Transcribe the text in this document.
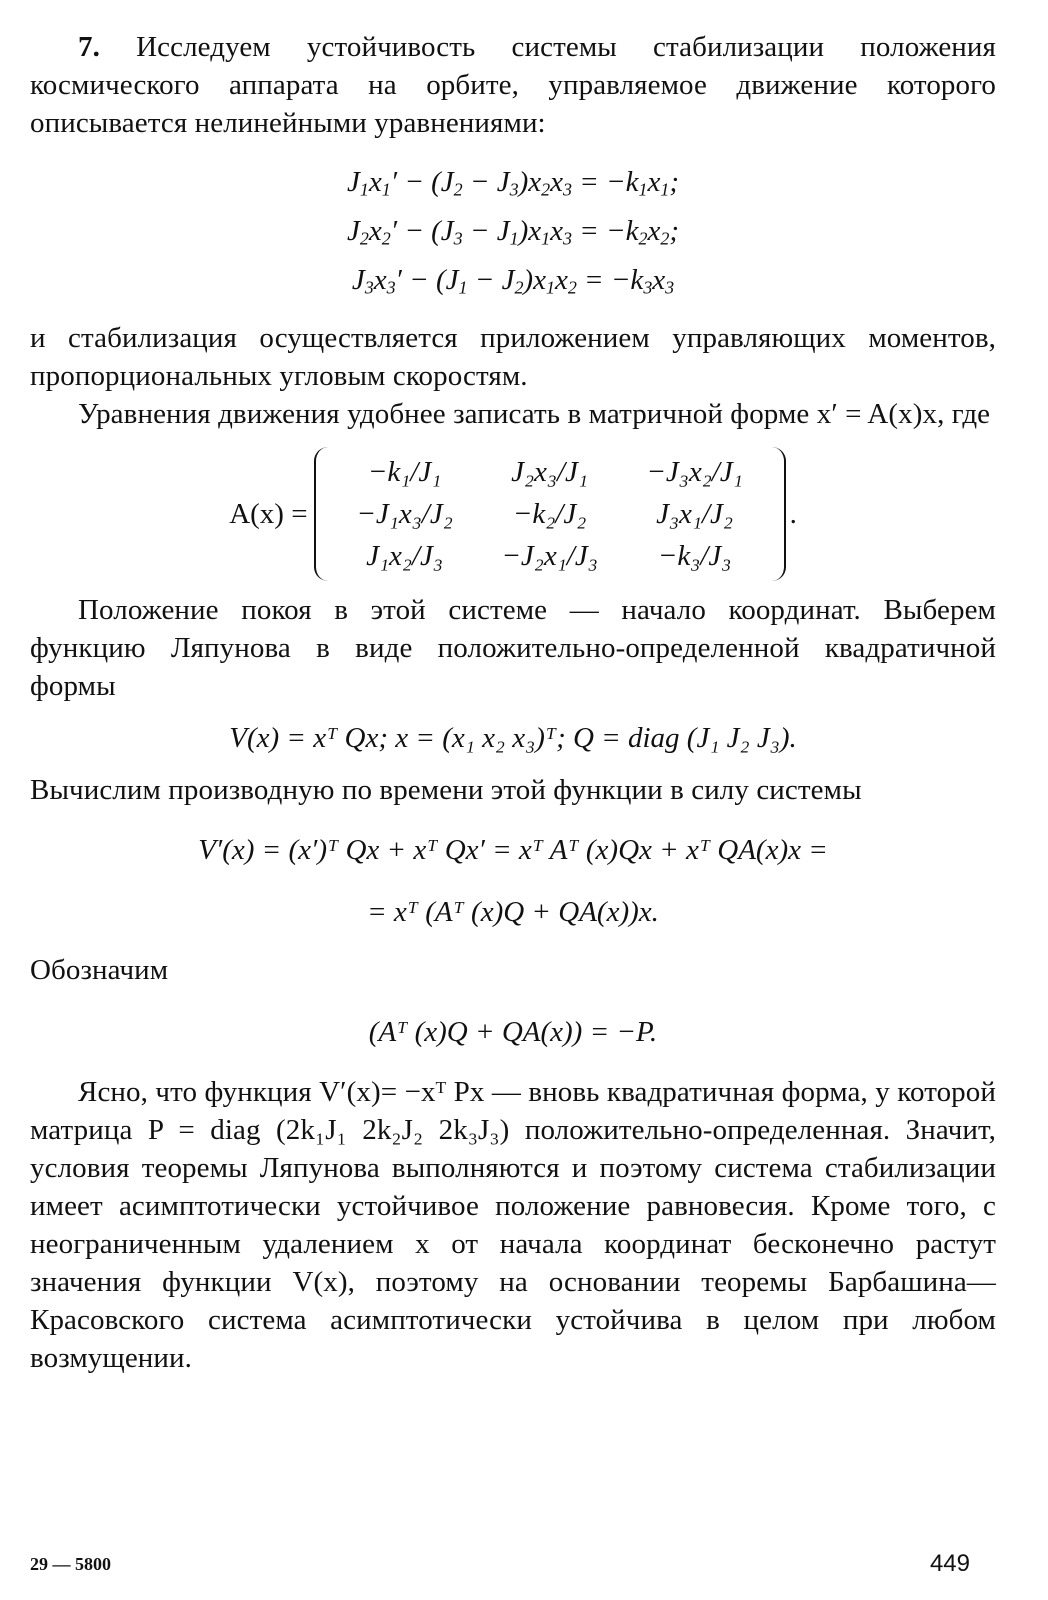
7. Исследуем устойчивость системы стабилизации положения космического аппарата на орбите, управляемое движение которого описывается нелинейными уравнениями:

$J_1x_1' - (J_2 - J_3)x_2x_3 = -k_1x_1$;

$J_2x_2' - (J_3 - J_1)x_1x_3 = -k_2x_2$;

$J_3x_3' - (J_1 - J_2)x_1x_2 = -k_3x_3$

и стабилизация осуществляется приложением управляющих моментов, пропорциональных угловым скоростям.

Уравнения движения удобнее записать в матричной форме x′ = A(x)x, где

A(x) =
−k₁/J₁	J₂x₃/J₁	−J₃x₂/J₁
−J₁x₃/J₂	−k₂/J₂	J₃x₁/J₂
J₁x₂/J₃	−J₂x₁/J₃	−k₃/J₃
.

Положение покоя в этой системе — начало координат. Выберем функцию Ляпунова в виде положительно-определенной квадратичной формы

V(x) = xᵀ Qx; x = (x₁ x₂ x₃)ᵀ; Q = diag (J₁ J₂ J₃).

Вычислим производную по времени этой функции в силу системы

V′(x) = (x′)ᵀ Qx + xᵀ Qx′ = xᵀ Aᵀ (x)Qx + xᵀ QA(x)x =

= xᵀ (Aᵀ (x)Q + QA(x))x.

Обозначим

(Aᵀ (x)Q + QA(x)) = −P.

Ясно, что функция V′(x)= −xᵀ Px — вновь квадратичная форма, у которой матрица P = diag (2k₁J₁ 2k₂J₂ 2k₃J₃) положительно-определенная. Значит, условия теоремы Ляпунова выполняются и поэтому система стабилизации имеет асимптотически устойчивое положение равновесия. Кроме того, с неограниченным удалением x от начала координат бесконечно растут значения функции V(x), поэтому на основании теоремы Барбашина—Красовского система асимптотически устойчива в целом при любом возмущении.

29 — 5800	449
